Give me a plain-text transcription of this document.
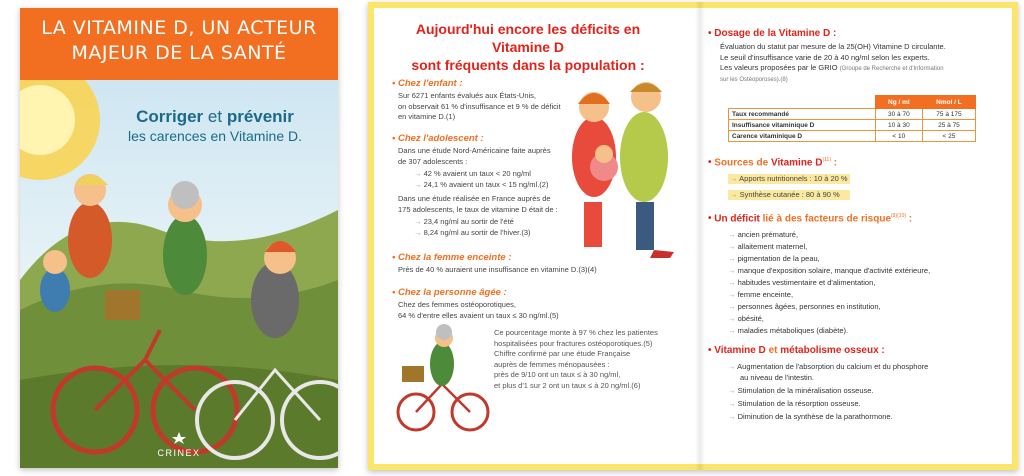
LA VITAMINE D, UN ACTEUR
MAJEUR DE LA SANTÉ
Corriger et prévenir
les carences en Vitamine D.
CRINEX
Aujourd'hui encore les déficits en Vitamine D
sont fréquents dans la population :
• Chez l'enfant :
Sur 6271 enfants évalués aux États-Unis,
on observait 61 % d'insuffisance et 9 % de déficit
en vitamine D.(1)
• Chez l'adolescent :
Dans une étude Nord-Américaine faite auprès
de 307 adolescents :
→ 42 % avaient un taux < 20 ng/ml
→ 24,1 % avaient un taux < 15 ng/ml.(2)
Dans une étude réalisée en France auprès de
175 adolescents, le taux de vitamine D était de :
→ 23,4 ng/ml au sortir de l'été
→ 8,24 ng/ml au sortir de l'hiver.(3)
• Chez la femme enceinte :
Près de 40 % auraient une insuffisance en vitamine D.(3)(4)
• Chez la personne âgée :
Chez des femmes ostéoporotiques,
64 % d'entre elles avaient un taux ≤ 30 ng/ml.(5)
Ce pourcentage monte à 97 % chez les patientes
hospitalisées pour fractures ostéoporotiques.(5)
Chiffre confirmé par une étude Française
auprès de femmes ménopausées :
près de 9/10 ont un taux ≤ à 30 ng/ml,
et plus d'1 sur 2 ont un taux ≤ à 20 ng/ml.(6)
• Dosage de la Vitamine D :
Évaluation du statut par mesure de la 25(OH) Vitamine D circulante.
Le seuil d'insuffisance varie de 20 à 40 ng/ml selon les experts.
Les valeurs proposées par le GRIO (Groupe de Recherche et d'Information
sur les Ostéoporoses).(8)
	Ng / ml	Nmol / L
Taux recommandé	30 à 70	75 à 175
Insuffisance vitaminique D	10 à 30	25 à 75
Carence vitaminique D	< 10	< 25
• Sources de Vitamine $D^{(11)}$ :
→ Apports nutritionnels : 10 à 20 %
→ Synthèse cutanée : 80 à 90 %
• Un déficit lié à des facteurs de risque$^{(9)(10)}$ :
→ ancien prématuré,
→ allaitement maternel,
→ pigmentation de la peau,
→ manque d'exposition solaire, manque d'activité extérieure,
→ habitudes vestimentaire et d'alimentation,
→ femme enceinte,
→ personnes âgées, personnes en institution,
→ obésité,
→ maladies métaboliques (diabète).
• Vitamine D et métabolisme osseux :
→ Augmentation de l'absorption du calcium et du phosphore
au niveau de l'intestin.
→ Stimulation de la minéralisation osseuse.
→ Stimulation de la résorption osseuse.
→ Diminution de la synthèse de la parathormone.
